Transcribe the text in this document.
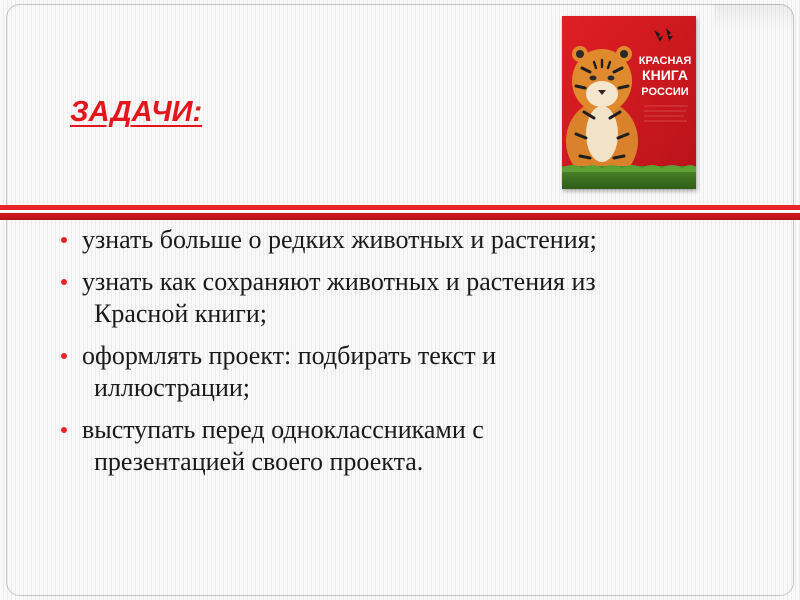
ЗАДАЧИ:
КРАСНАЯ
КНИГА
РОССИИ
узнать больше о редких животных и растения;
узнать как сохраняют животных и растения из
Красной книги;
оформлять проект: подбирать текст и
иллюстрации;
выступать перед одноклассниками с
презентацией своего проекта.
